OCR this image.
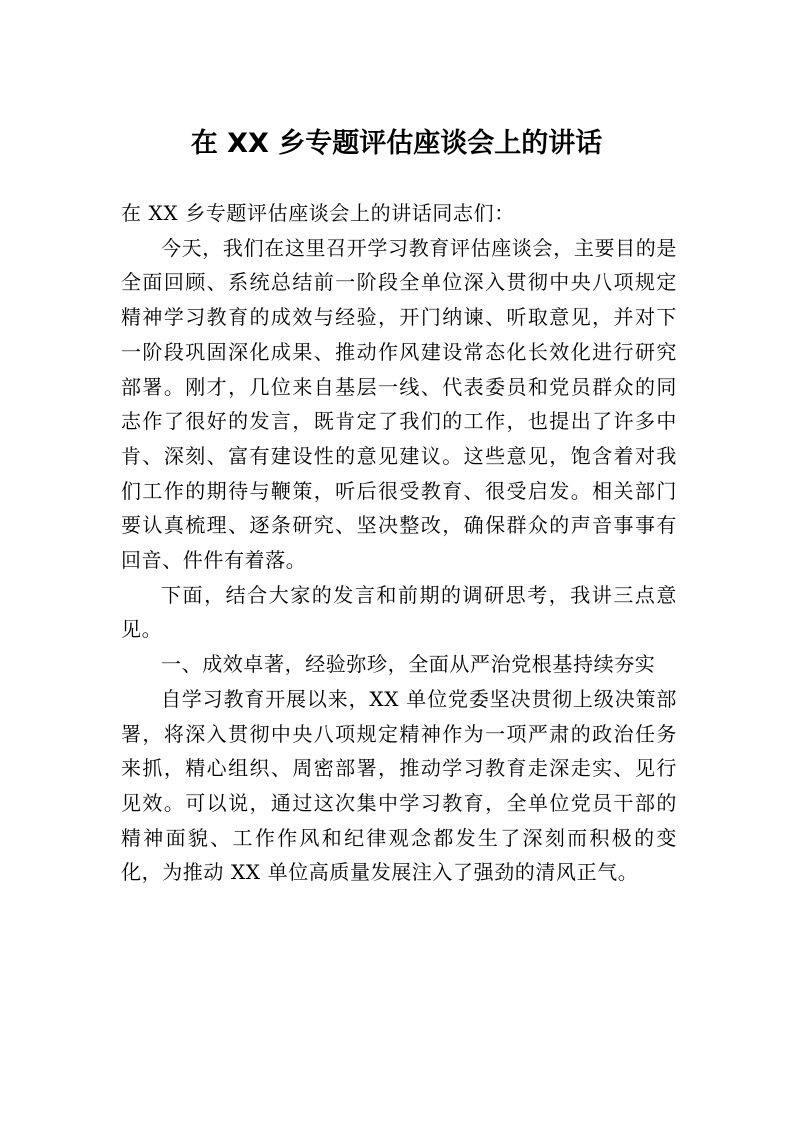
在 XX 乡专题评估座谈会上的讲话

在 XX 乡专题评估座谈会上的讲话同志们：

今天，我们在这里召开学习教育评估座谈会，主要目的是全面回顾、系统总结前一阶段全单位深入贯彻中央八项规定精神学习教育的成效与经验，开门纳谏、听取意见，并对下一阶段巩固深化成果、推动作风建设常态化长效化进行研究部署。刚才，几位来自基层一线、代表委员和党员群众的同志作了很好的发言，既肯定了我们的工作，也提出了许多中肯、深刻、富有建设性的意见建议。这些意见，饱含着对我们工作的期待与鞭策，听后很受教育、很受启发。相关部门要认真梳理、逐条研究、坚决整改，确保群众的声音事事有回音、件件有着落。

下面，结合大家的发言和前期的调研思考，我讲三点意见。

一、成效卓著，经验弥珍，全面从严治党根基持续夯实

自学习教育开展以来，XX 单位党委坚决贯彻上级决策部署，将深入贯彻中央八项规定精神作为一项严肃的政治任务来抓，精心组织、周密部署，推动学习教育走深走实、见行见效。可以说，通过这次集中学习教育，全单位党员干部的精神面貌、工作作风和纪律观念都发生了深刻而积极的变化，为推动 XX 单位高质量发展注入了强劲的清风正气。
